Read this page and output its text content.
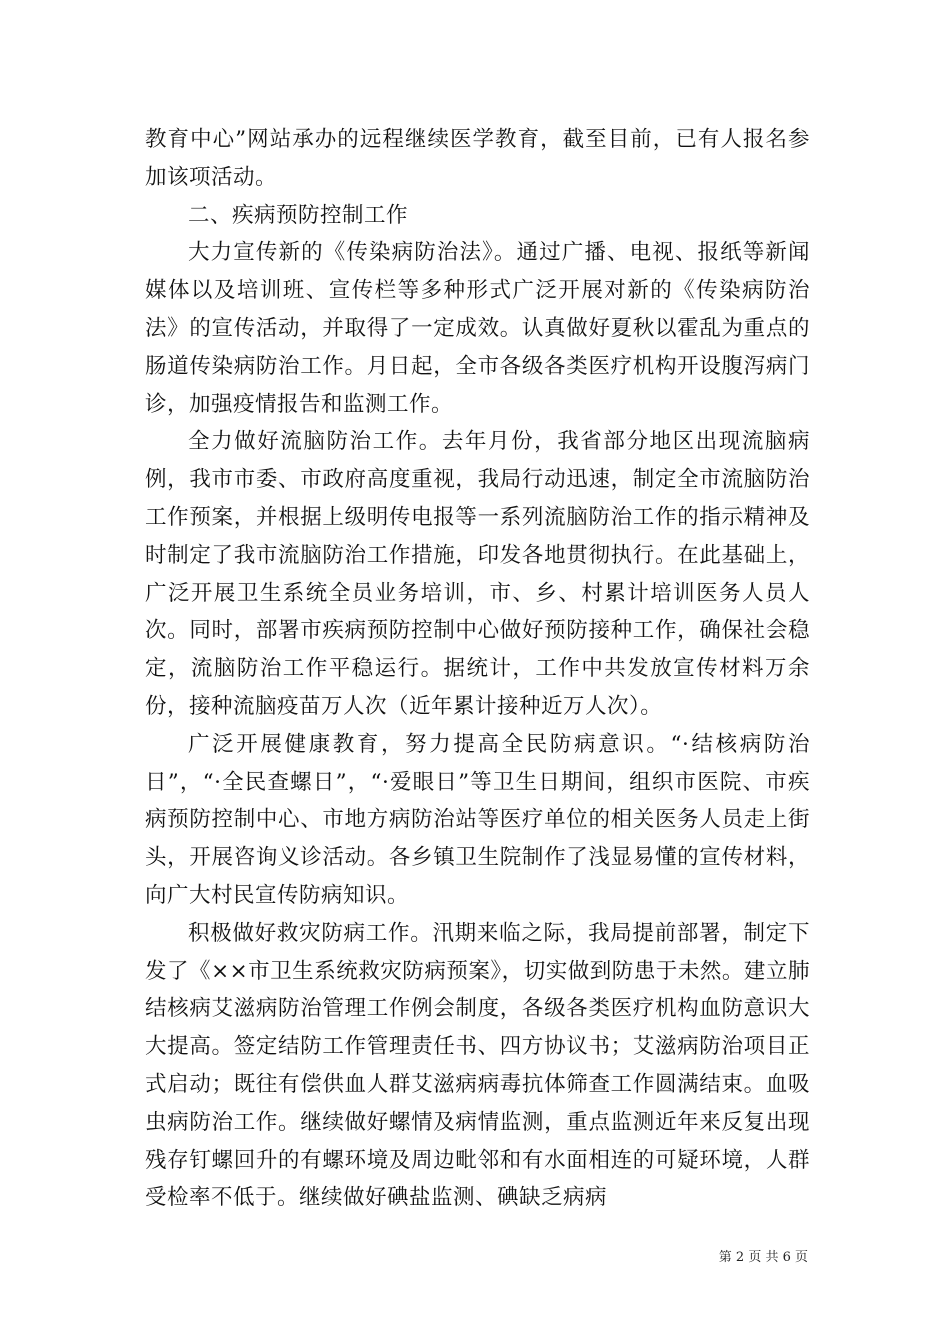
教育中心”网站承办的远程继续医学教育，截至目前，已有人报名参加该项活动。

二、疾病预防控制工作

大力宣传新的《传染病防治法》。通过广播、电视、报纸等新闻媒体以及培训班、宣传栏等多种形式广泛开展对新的《传染病防治法》的宣传活动，并取得了一定成效。认真做好夏秋以霍乱为重点的肠道传染病防治工作。月日起，全市各级各类医疗机构开设腹泻病门诊，加强疫情报告和监测工作。

全力做好流脑防治工作。去年月份，我省部分地区出现流脑病例，我市市委、市政府高度重视，我局行动迅速，制定全市流脑防治工作预案，并根据上级明传电报等一系列流脑防治工作的指示精神及时制定了我市流脑防治工作措施，印发各地贯彻执行。在此基础上，广泛开展卫生系统全员业务培训，市、乡、村累计培训医务人员人次。同时，部署市疾病预防控制中心做好预防接种工作，确保社会稳定，流脑防治工作平稳运行。据统计，工作中共发放宣传材料万余份，接种流脑疫苗万人次（近年累计接种近万人次）。

广泛开展健康教育，努力提高全民防病意识。“·结核病防治日”，“·全民查螺日”，“·爱眼日”等卫生日期间，组织市医院、市疾病预防控制中心、市地方病防治站等医疗单位的相关医务人员走上街头，开展咨询义诊活动。各乡镇卫生院制作了浅显易懂的宣传材料，向广大村民宣传防病知识。

积极做好救灾防病工作。汛期来临之际，我局提前部署，制定下发了《××市卫生系统救灾防病预案》，切实做到防患于未然。建立肺结核病艾滋病防治管理工作例会制度，各级各类医疗机构血防意识大大提高。签定结防工作管理责任书、四方协议书；艾滋病防治项目正式启动；既往有偿供血人群艾滋病病毒抗体筛查工作圆满结束。血吸虫病防治工作。继续做好螺情及病情监测，重点监测近年来反复出现残存钉螺回升的有螺环境及周边毗邻和有水面相连的可疑环境，人群受检率不低于。继续做好碘盐监测、碘缺乏病病

第 2 页 共 6 页
